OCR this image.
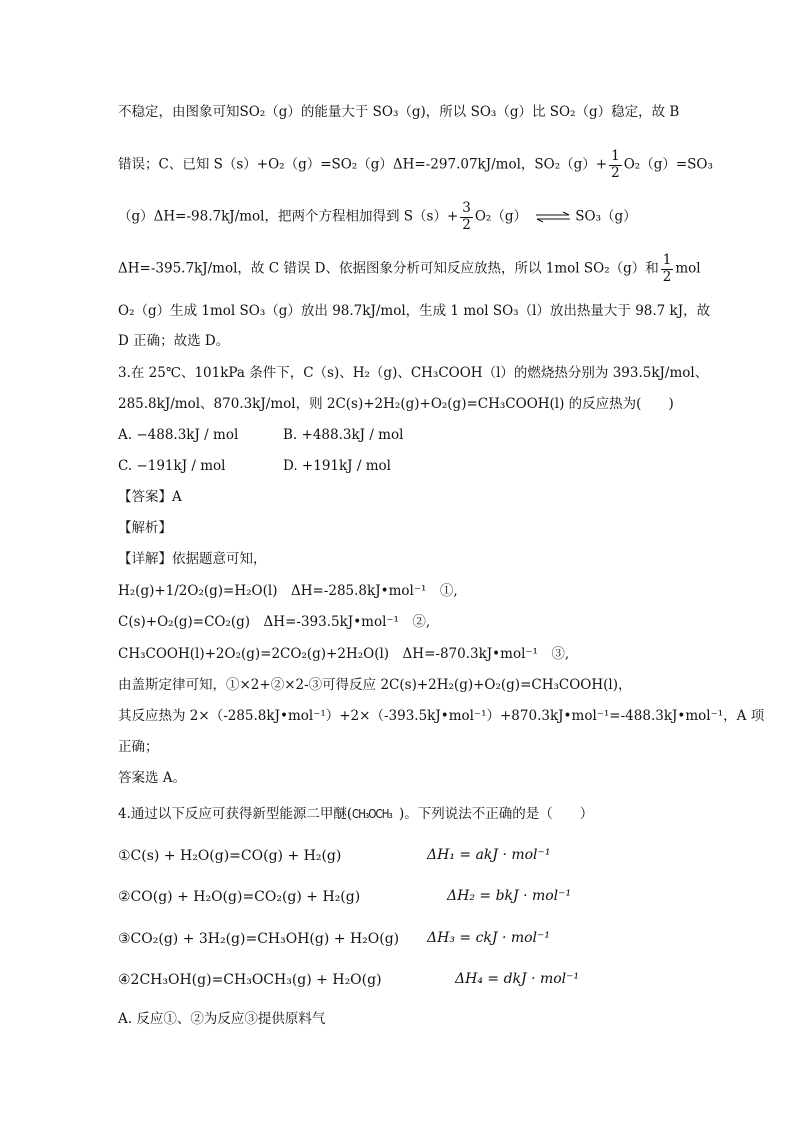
不稳定，由图象可知SO₂（g）的能量大于 SO₃（g)，所以 SO₃（g）比 SO₂（g）稳定，故 B
错误；C、已知 S（s）+O₂（g）=SO₂（g）ΔH=-297.07kJ/mol，$SO_2(g)+ \frac{1}{2} O_2(g)=SO_3$
（g）ΔH=-98.7kJ/mol，把两个方程相加得到 $S(s)+ \frac{3}{2} O_2(g)$ ⇌ SO₃（g）
ΔH=-395.7kJ/mol，故 C 错误 D、依据图象分析可知反应放热，所以 1mol SO₂（g）和 $\frac{1}{2}$ mol
O₂（g）生成 1mol SO₃（g）放出 98.7kJ/mol，生成 1 mol SO₃（l）放出热量大于 98.7 kJ，故
D 正确；故选 D。
3.在 25℃、101kPa 条件下，C（s)、H₂（g)、CH₃COOH（l）的燃烧热分别为 393.5kJ/mol、
285.8kJ/mol、870.3kJ/mol，则 2C(s)+2H₂(g)+O₂(g)=CH₃COOH(l) 的反应热为(　　)
A. −488.3kJ / mol	B. +488.3kJ / mol
C. −191kJ / mol	D. +191kJ / mol
【答案】A
【解析】
【详解】依据题意可知，
H₂(g)+1/2O₂(g)=H₂O(l)　ΔH=-285.8kJ•mol⁻¹　①,
C(s)+O₂(g)=CO₂(g)　ΔH=-393.5kJ•mol⁻¹　②,
CH₃COOH(l)+2O₂(g)=2CO₂(g)+2H₂O(l)　ΔH=-870.3kJ•mol⁻¹　③,
由盖斯定律可知，①×2+②×2-③可得反应 2C(s)+2H₂(g)+O₂(g)=CH₃COOH(l)，
其反应热为 2×（-285.8kJ•mol⁻¹）+2×（-393.5kJ•mol⁻¹）+870.3kJ•mol⁻¹=-488.3kJ•mol⁻¹，A 项
正确；
答案选 A。
4.通过以下反应可获得新型能源二甲醚(CH₃OCH₃ )。下列说法不正确的是（　　）
①C(s) + H₂O(g)=CO(g) + H₂(g)	ΔH₁ = akJ · mol⁻¹
②CO(g) + H₂O(g)=CO₂(g) + H₂(g)	ΔH₂ = bkJ · mol⁻¹
③CO₂(g) + 3H₂(g)=CH₃OH(g) + H₂O(g) ΔH₃ = ckJ · mol⁻¹
④2CH₃OH(g)=CH₃OCH₃(g) + H₂O(g)	ΔH₄ = dkJ · mol⁻¹
A. 反应①、②为反应③提供原料气
